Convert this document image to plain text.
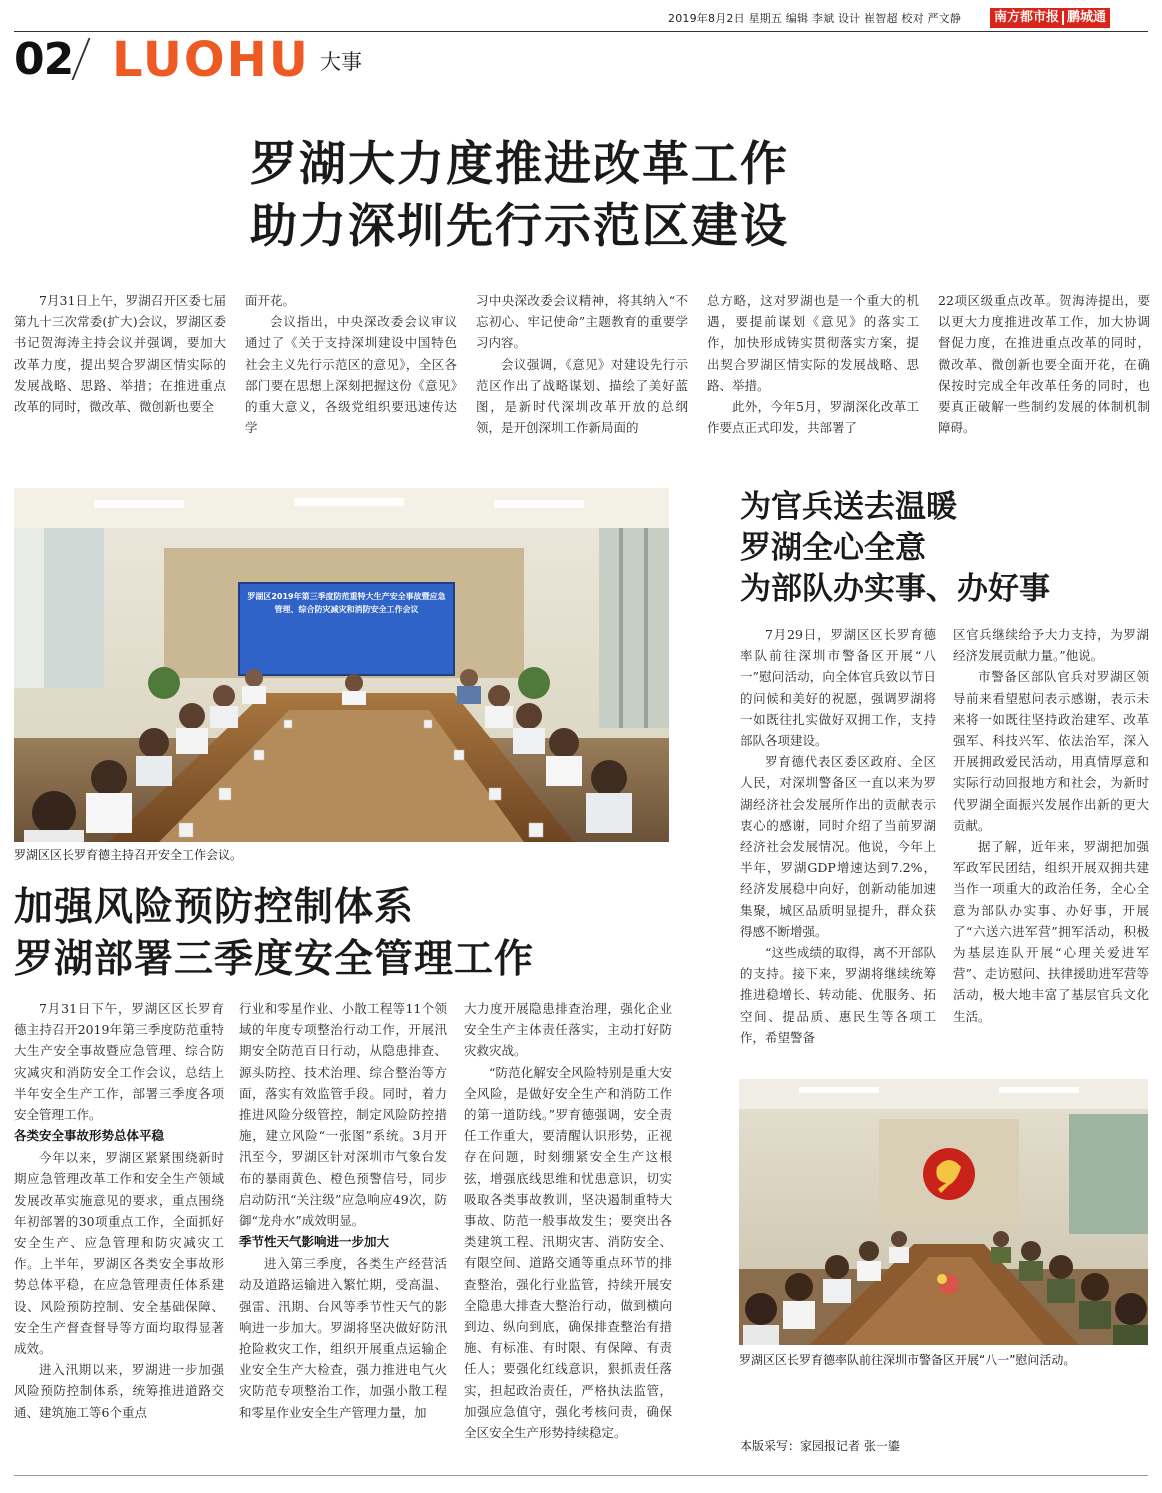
2019年8月2日 星期五 编辑 李斌 设计 崔智超 校对 严文静	南方都市报 鹏城通
02 LUOHU 大事
罗湖大力度推进改革工作
助力深圳先行示范区建设

7月31日上午，罗湖召开区委七届第九十三次常委(扩大)会议，罗湖区委书记贺海涛主持会议并强调，要加大改革力度，提出契合罗湖区情实际的发展战略、思路、举措；在推进重点改革的同时，微改革、微创新也要全

面开花。

会议指出，中央深改委会议审议通过了《关于支持深圳建设中国特色社会主义先行示范区的意见》，全区各部门要在思想上深刻把握这份《意见》的重大意义，各级党组织要迅速传达学

习中央深改委会议精神，将其纳入“不忘初心、牢记使命”主题教育的重要学习内容。

会议强调，《意见》对建设先行示范区作出了战略谋划、描绘了美好蓝图，是新时代深圳改革开放的总纲领，是开创深圳工作新局面的

总方略，这对罗湖也是一个重大的机遇，要提前谋划《意见》的落实工作，加快形成铸实贯彻落实方案，提出契合罗湖区情实际的发展战略、思路、举措。

此外，今年5月，罗湖深化改革工作要点正式印发，共部署了

22项区级重点改革。贺海涛提出，要以更大力度推进改革工作，加大协调督促力度，在推进重点改革的同时，微改革、微创新也要全面开花，在确保按时完成全年改革任务的同时，也要真正破解一些制约发展的体制机制障碍。

罗湖区2019年第三季度防范重特大生产安全事故暨应急管理、综合防灾减灾和消防安全工作会议
罗湖区区长罗育德主持召开安全工作会议。
为官兵送去温暖
罗湖全心全意
为部队办实事、办好事

7月29日，罗湖区区长罗育德率队前往深圳市警备区开展“八一”慰问活动，向全体官兵致以节日的问候和美好的祝愿，强调罗湖将一如既往扎实做好双拥工作，支持部队各项建设。

罗育德代表区委区政府、全区人民，对深圳警备区一直以来为罗湖经济社会发展所作出的贡献表示衷心的感谢，同时介绍了当前罗湖经济社会发展情况。他说，今年上半年，罗湖GDP增速达到7.2%，经济发展稳中向好，创新动能加速集聚，城区品质明显提升，群众获得感不断增强。

“这些成绩的取得，离不开部队的支持。接下来，罗湖将继续统筹推进稳增长、转动能、优服务、拓空间、提品质、惠民生等各项工作，希望警备

区官兵继续给予大力支持，为罗湖经济发展贡献力量。”他说。

市警备区部队官兵对罗湖区领导前来看望慰问表示感谢，表示未来将一如既往坚持政治建军、改革强军、科技兴军、依法治军，深入开展拥政爱民活动，用真情厚意和实际行动回报地方和社会，为新时代罗湖全面振兴发展作出新的更大贡献。

据了解，近年来，罗湖把加强军政军民团结，组织开展双拥共建当作一项重大的政治任务，全心全意为部队办实事、办好事，开展了“六送六进军营”拥军活动，积极为基层连队开展“心理关爱进军营”、走访慰问、扶律援助进军营等活动，极大地丰富了基层官兵文化生活。

罗湖区区长罗育德率队前往深圳市警备区开展“八一”慰问活动。
加强风险预防控制体系
罗湖部署三季度安全管理工作

7月31日下午，罗湖区区长罗育德主持召开2019年第三季度防范重特大生产安全事故暨应急管理、综合防灾减灾和消防安全工作会议，总结上半年安全生产工作，部署三季度各项安全管理工作。

各类安全事故形势总体平稳

今年以来，罗湖区紧紧围绕新时期应急管理改革工作和安全生产领域发展改革实施意见的要求，重点围绕年初部署的30项重点工作，全面抓好安全生产、应急管理和防灾减灾工作。上半年，罗湖区各类安全事故形势总体平稳，在应急管理责任体系建设、风险预防控制、安全基础保障、安全生产督查督导等方面均取得显著成效。

进入汛期以来，罗湖进一步加强风险预防控制体系，统筹推进道路交通、建筑施工等6个重点

行业和零星作业、小散工程等11个领域的年度专项整治行动工作，开展汛期安全防范百日行动，从隐患排查、源头防控、技术治理、综合整治等方面，落实有效监管手段。同时，着力推进风险分级管控，制定风险防控措施，建立风险“一张图”系统。3月开汛至今，罗湖区针对深圳市气象台发布的暴雨黄色、橙色预警信号，同步启动防汛“关注级”应急响应49次，防御“龙舟水”成效明显。

季节性天气影响进一步加大

进入第三季度，各类生产经营活动及道路运输进入繁忙期，受高温、强雷、汛期、台风等季节性天气的影响进一步加大。罗湖将坚决做好防汛抢险救灾工作，组织开展重点运输企业安全生产大检查，强力推进电气火灾防范专项整治工作，加强小散工程和零星作业安全生产管理力量，加

大力度开展隐患排查治理，强化企业安全生产主体责任落实，主动打好防灾救灾战。

“防范化解安全风险特别是重大安全风险，是做好安全生产和消防工作的第一道防线。”罗育德强调，安全责任工作重大，要清醒认识形势，正视存在问题，时刻绷紧安全生产这根弦，增强底线思维和忧患意识，切实吸取各类事故教训，坚决遏制重特大事故、防范一般事故发生；要突出各类建筑工程、汛期灾害、消防安全、有限空间、道路交通等重点环节的排查整治，强化行业监管，持续开展安全隐患大排查大整治行动，做到横向到边、纵向到底，确保排查整治有措施、有标准、有时限、有保障、有责任人；要强化红线意识，狠抓责任落实，担起政治责任，严格执法监管，加强应急值守，强化考核问责，确保全区安全生产形势持续稳定。

本版采写：家园报记者 张一鎏
